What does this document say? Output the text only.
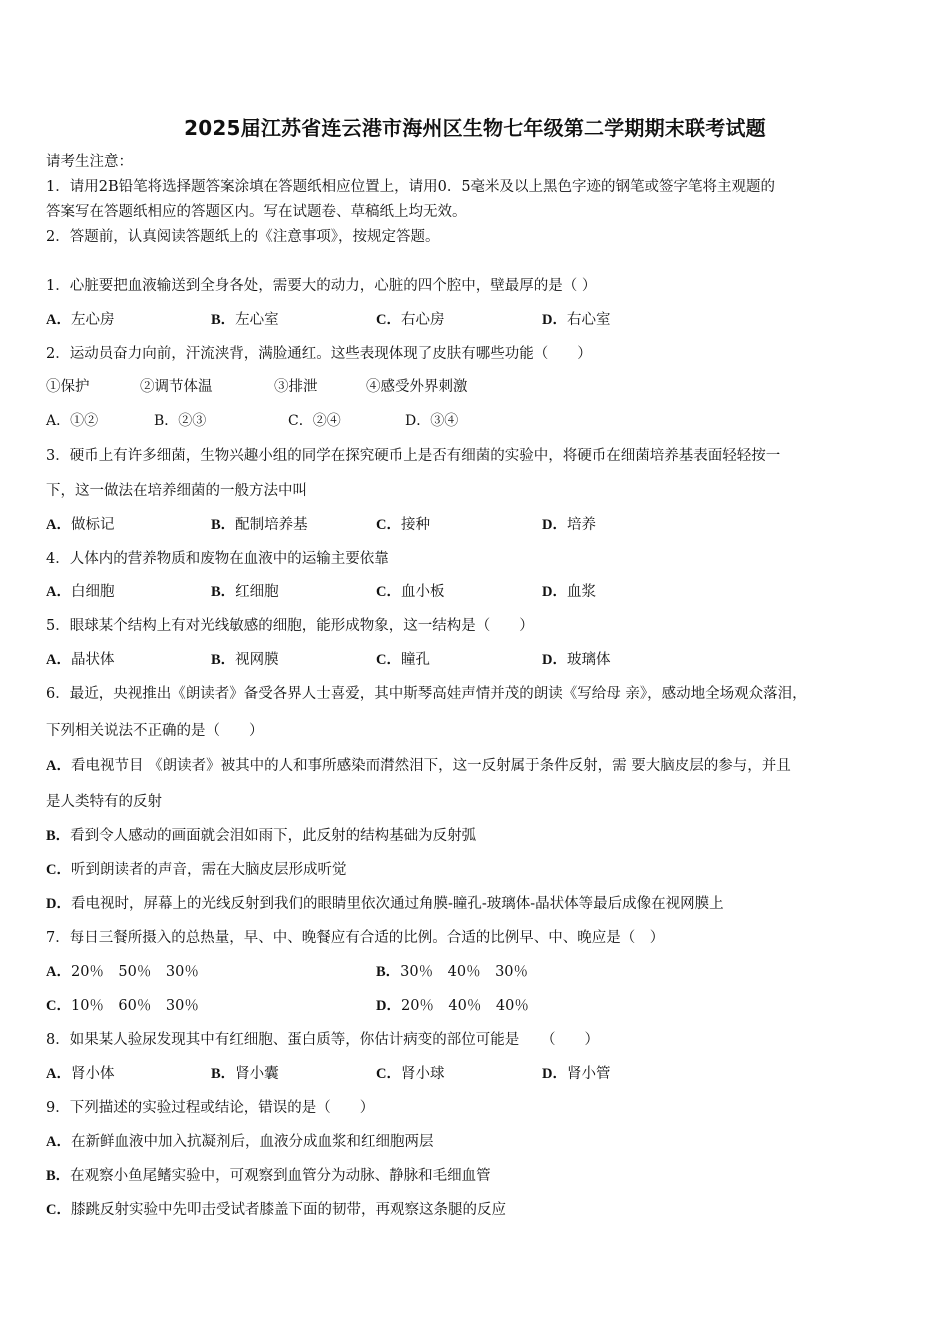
2025届江苏省连云港市海州区生物七年级第二学期期末联考试题
请考生注意：
1．请用2B铅笔将选择题答案涂填在答题纸相应位置上，请用0．5毫米及以上黑色字迹的钢笔或签字笔将主观题的
答案写在答题纸相应的答题区内。写在试题卷、草稿纸上均无效。
2．答题前，认真阅读答题纸上的《注意事项》，按规定答题。
1．心脏要把血液输送到全身各处，需要大的动力，心脏的四个腔中，壁最厚的是（ ）
A．左心房	B．左心室	C．右心房	D．右心室
2．运动员奋力向前，汗流浃背，满脸通红。这些表现体现了皮肤有哪些功能（　　）
①保护	②调节体温	③排泄	④感受外界刺激
A．①②	B．②③	C．②④	D．③④
3．硬币上有许多细菌，生物兴趣小组的同学在探究硬币上是否有细菌的实验中，将硬币在细菌培养基表面轻轻按一
下，这一做法在培养细菌的一般方法中叫
A．做标记	B．配制培养基	C．接种	D．培养
4．人体内的营养物质和废物在血液中的运输主要依靠
A．白细胞	B．红细胞	C．血小板	D．血浆
5．眼球某个结构上有对光线敏感的细胞，能形成物象，这一结构是（　　）
A．晶状体	B．视网膜	C．瞳孔	D．玻璃体
6．最近，央视推出《朗读者》备受各界人士喜爱，其中斯琴高娃声情并茂的朗读《写给母 亲》，感动地全场观众落泪，
下列相关说法不正确的是（　　）
A．看电视节目 《朗读者》被其中的人和事所感染而潸然泪下，这一反射属于条件反射，需 要大脑皮层的参与，并且
是人类特有的反射
B．看到令人感动的画面就会泪如雨下，此反射的结构基础为反射弧
C．听到朗读者的声音，需在大脑皮层形成听觉
D．看电视时，屏幕上的光线反射到我们的眼睛里依次通过角膜-瞳孔-玻璃体-晶状体等最后成像在视网膜上
7．每日三餐所摄入的总热量，早、中、晚餐应有合适的比例。合适的比例早、中、晚应是（　）
A．20％　50％　30％	B．30％　40％　30％
C．10％　60％　30％	D．20％　40％　40％
8．如果某人验尿发现其中有红细胞、蛋白质等，你估计病变的部位可能是　　（　　）
A．肾小体	B．肾小囊	C．肾小球	D．肾小管
9．下列描述的实验过程或结论，错误的是（　　）
A．在新鲜血液中加入抗凝剂后，血液分成血浆和红细胞两层
B．在观察小鱼尾鳍实验中，可观察到血管分为动脉、静脉和毛细血管
C．膝跳反射实验中先叩击受试者膝盖下面的韧带，再观察这条腿的反应
